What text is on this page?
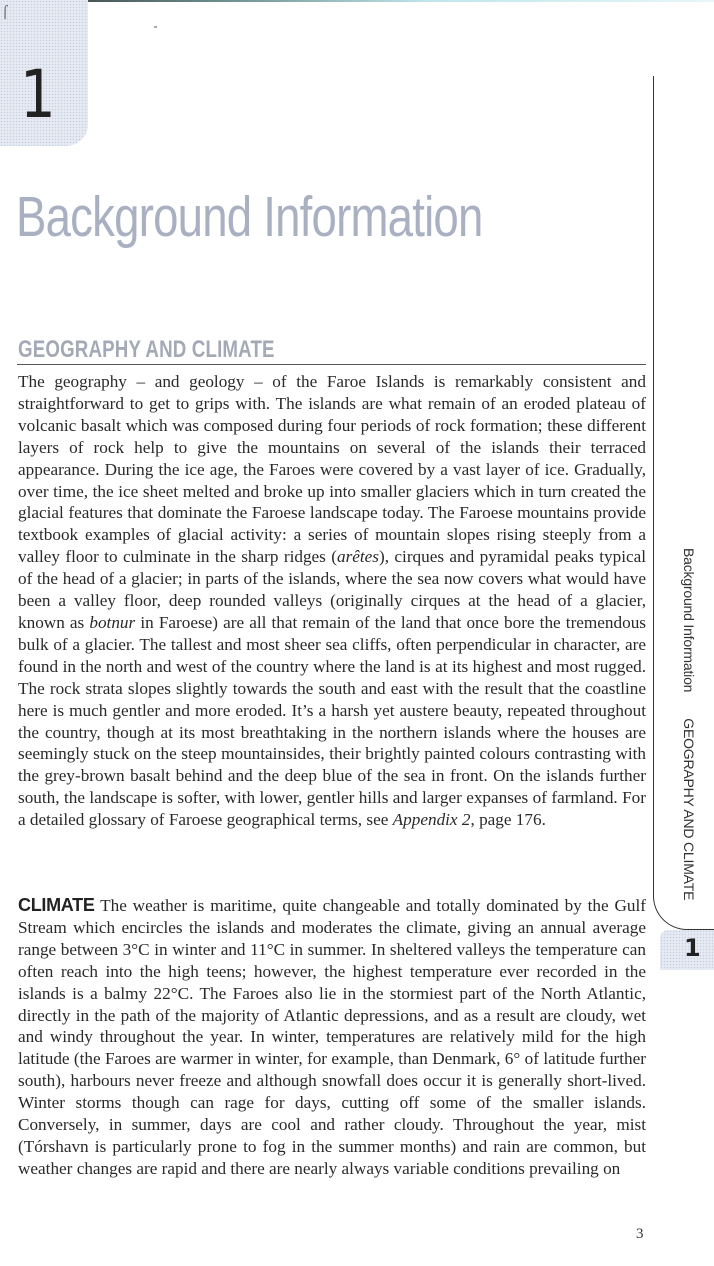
⌠
1
1
Background InformationGEOGRAPHY AND CLIMATE
Background Information
GEOGRAPHY AND CLIMATE

The geography – and geology – of the Faroe Islands is remarkably consistent and straightforward to get to grips with. The islands are what remain of an eroded plateau of volcanic basalt which was composed during four periods of rock formation; these different layers of rock help to give the mountains on several of the islands their terraced appearance. During the ice age, the Faroes were covered by a vast layer of ice. Gradually, over time, the ice sheet melted and broke up into smaller glaciers which in turn created the glacial features that dominate the Faroese landscape today. The Faroese mountains provide textbook examples of glacial activity: a series of mountain slopes rising steeply from a valley floor to culminate in the sharp ridges (arêtes), cirques and pyramidal peaks typical of the head of a glacier; in parts of the islands, where the sea now covers what would have been a valley floor, deep rounded valleys (originally cirques at the head of a glacier, known as botnur in Faroese) are all that remain of the land that once bore the tremendous bulk of a glacier. The tallest and most sheer sea cliffs, often perpendicular in character, are found in the north and west of the country where the land is at its highest and most rugged. The rock strata slopes slightly towards the south and east with the result that the coastline here is much gentler and more eroded. It’s a harsh yet austere beauty, repeated throughout the country, though at its most breathtaking in the northern islands where the houses are seemingly stuck on the steep mountainsides, their brightly painted colours contrasting with the grey-brown basalt behind and the deep blue of the sea in front. On the islands further south, the landscape is softer, with lower, gentler hills and larger expanses of farmland. For a detailed glossary of Faroese geographical terms, see Appendix 2, page 176.

CLIMATE The weather is maritime, quite changeable and totally dominated by the Gulf Stream which encircles the islands and moderates the climate, giving an annual average range between 3°C in winter and 11°C in summer. In sheltered valleys the temperature can often reach into the high teens; however, the highest temperature ever recorded in the islands is a balmy 22°C. The Faroes also lie in the stormiest part of the North Atlantic, directly in the path of the majority of Atlantic depressions, and as a result are cloudy, wet and windy throughout the year. In winter, temperatures are relatively mild for the high latitude (the Faroes are warmer in winter, for example, than Denmark, 6° of latitude further south), harbours never freeze and although snowfall does occur it is generally short-lived. Winter storms though can rage for days, cutting off some of the smaller islands. Conversely, in summer, days are cool and rather cloudy. Throughout the year, mist (Tórshavn is particularly prone to fog in the summer months) and rain are common, but weather changes are rapid and there are nearly always variable conditions prevailing on

3
